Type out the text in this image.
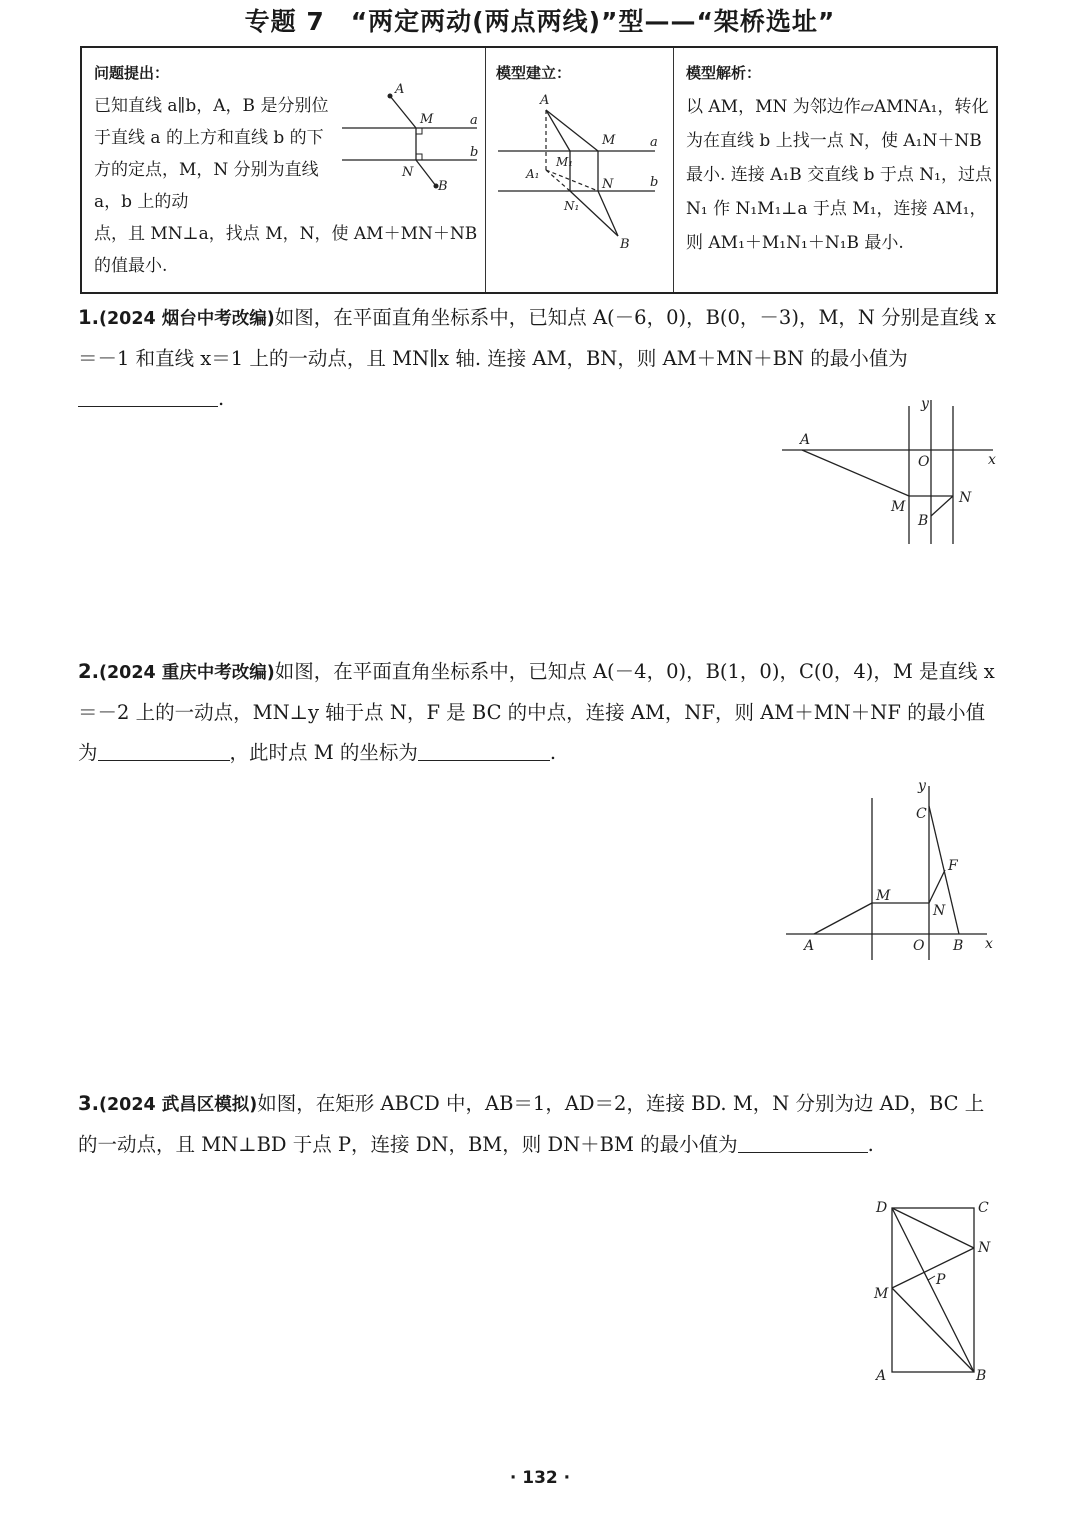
专题 7　“两定两动(两点两线)”型——“架桥选址”
问题提出：
已知直线 a∥b，A，B 是分别位于直线 a 的上方和直线 b 的下方的定点，M，N 分别为直线 a，b 上的动
点，且 MN⊥a，找点 M，N，使 AM＋MN＋NB 的值最小.
A
M
N
B
a
b
模型建立：
A
M
M₁
A₁
N
N₁
B
a
b
模型解析：
以 AM，MN 为邻边作▱AMNA₁，转化为在直线 b 上找一点 N，使 A₁N＋NB 最小. 连接 A₁B 交直线 b 于点 N₁，过点 N₁ 作 N₁M₁⊥a 于点 M₁，连接 AM₁，则 AM₁＋M₁N₁＋N₁B 最小.
1.(2024 烟台中考改编)如图，在平面直角坐标系中，已知点 A(－6，0)，B(0，－3)，M，N 分别是直线 x＝－1 和直线 x＝1 上的一动点，且 MN∥x 轴. 连接 AM，BN，则 AM＋MN＋BN 的最小值为.
A
O	x
y
M
N
B
2.(2024 重庆中考改编)如图，在平面直角坐标系中，已知点 A(－4，0)，B(1，0)，C(0，4)，M 是直线 x＝－2 上的一动点，MN⊥y 轴于点 N，F 是 BC 的中点，连接 AM，NF，则 AM＋MN＋NF 的最小值为	，此时点 M 的坐标为	.
C
y
F
M
N
A	O B x
3.(2024 武昌区模拟)如图，在矩形 ABCD 中，AB＝1，AD＝2，连接 BD. M，N 分别为边 AD，BC 上的一动点，且 MN⊥BD 于点 P，连接 DN，BM，则 DN＋BM 的最小值为	.
D	C
N
P
M
A	B
· 132 ·
